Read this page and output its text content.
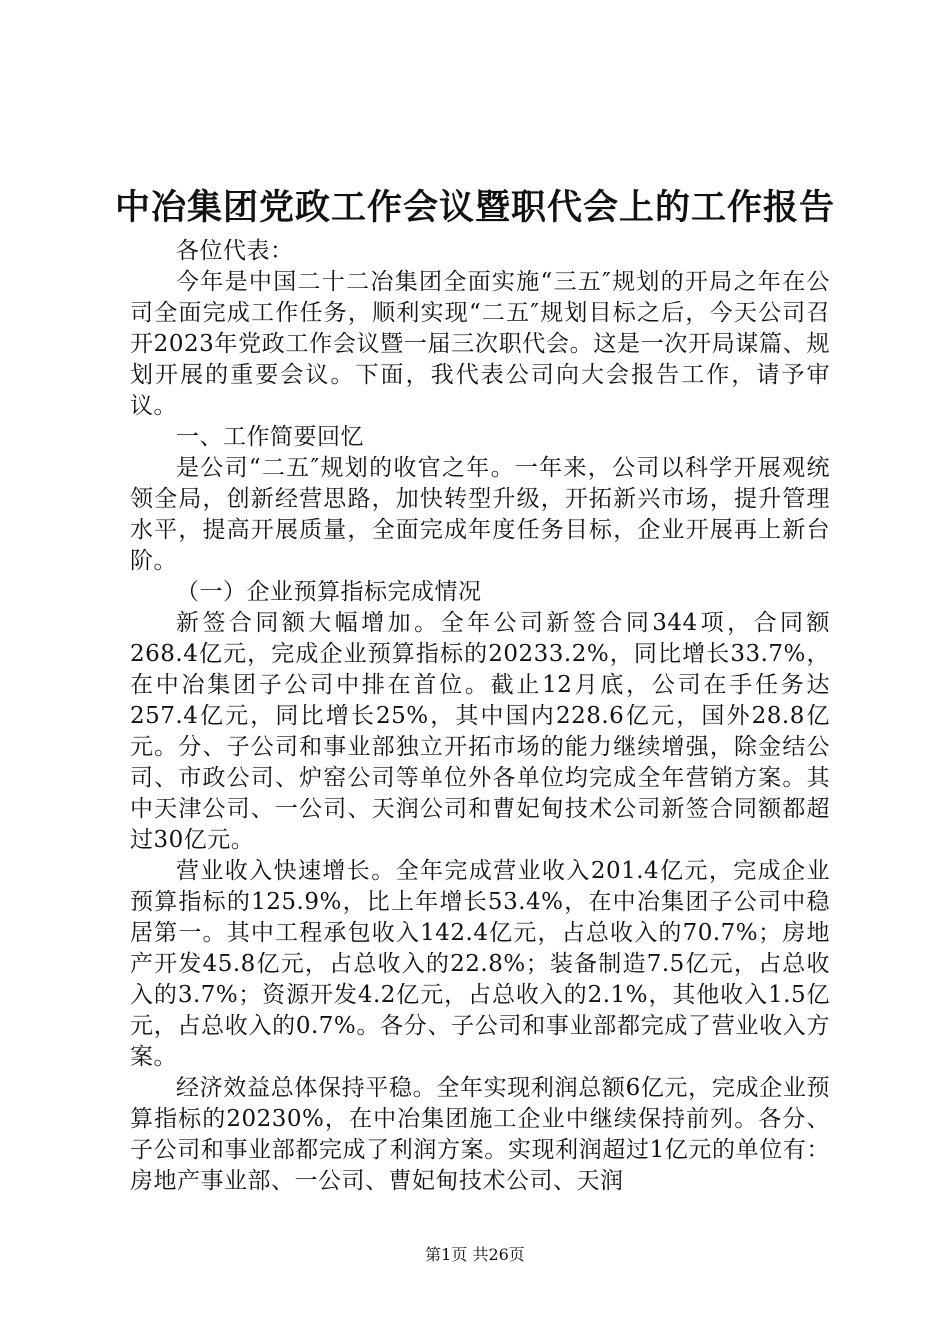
中冶集团党政工作会议暨职代会上的工作报告

各位代表：

今年是中国二十二冶集团全面实施“三五″规划的开局之年在公司全面完成工作任务，顺利实现“二五″规划目标之后，今天公司召开2023年党政工作会议暨一届三次职代会。这是一次开局谋篇、规划开展的重要会议。下面，我代表公司向大会报告工作，请予审议。

一、工作简要回忆

是公司“二五″规划的收官之年。一年来，公司以科学开展观统领全局，创新经营思路，加快转型升级，开拓新兴市场，提升管理水平，提高开展质量，全面完成年度任务目标，企业开展再上新台阶。

（一）企业预算指标完成情况

新签合同额大幅增加。全年公司新签合同344项，合同额268.4亿元，完成企业预算指标的20233.2%，同比增长33.7%，在中冶集团子公司中排在首位。截止12月底，公司在手任务达257.4亿元，同比增长25%，其中国内228.6亿元，国外28.8亿元。分、子公司和事业部独立开拓市场的能力继续增强，除金结公司、市政公司、炉窑公司等单位外各单位均完成全年营销方案。其中天津公司、一公司、天润公司和曹妃甸技术公司新签合同额都超过30亿元。

营业收入快速增长。全年完成营业收入201.4亿元，完成企业预算指标的125.9%，比上年增长53.4%，在中冶集团子公司中稳居第一。其中工程承包收入142.4亿元，占总收入的70.7%；房地产开发45.8亿元，占总收入的22.8%；装备制造7.5亿元，占总收入的3.7%；资源开发4.2亿元，占总收入的2.1%，其他收入1.5亿元，占总收入的0.7%。各分、子公司和事业部都完成了营业收入方案。

经济效益总体保持平稳。全年实现利润总额6亿元，完成企业预算指标的20230%，在中冶集团施工企业中继续保持前列。各分、子公司和事业部都完成了利润方案。实现利润超过1亿元的单位有：房地产事业部、一公司、曹妃甸技术公司、天润

第1页 共26页
